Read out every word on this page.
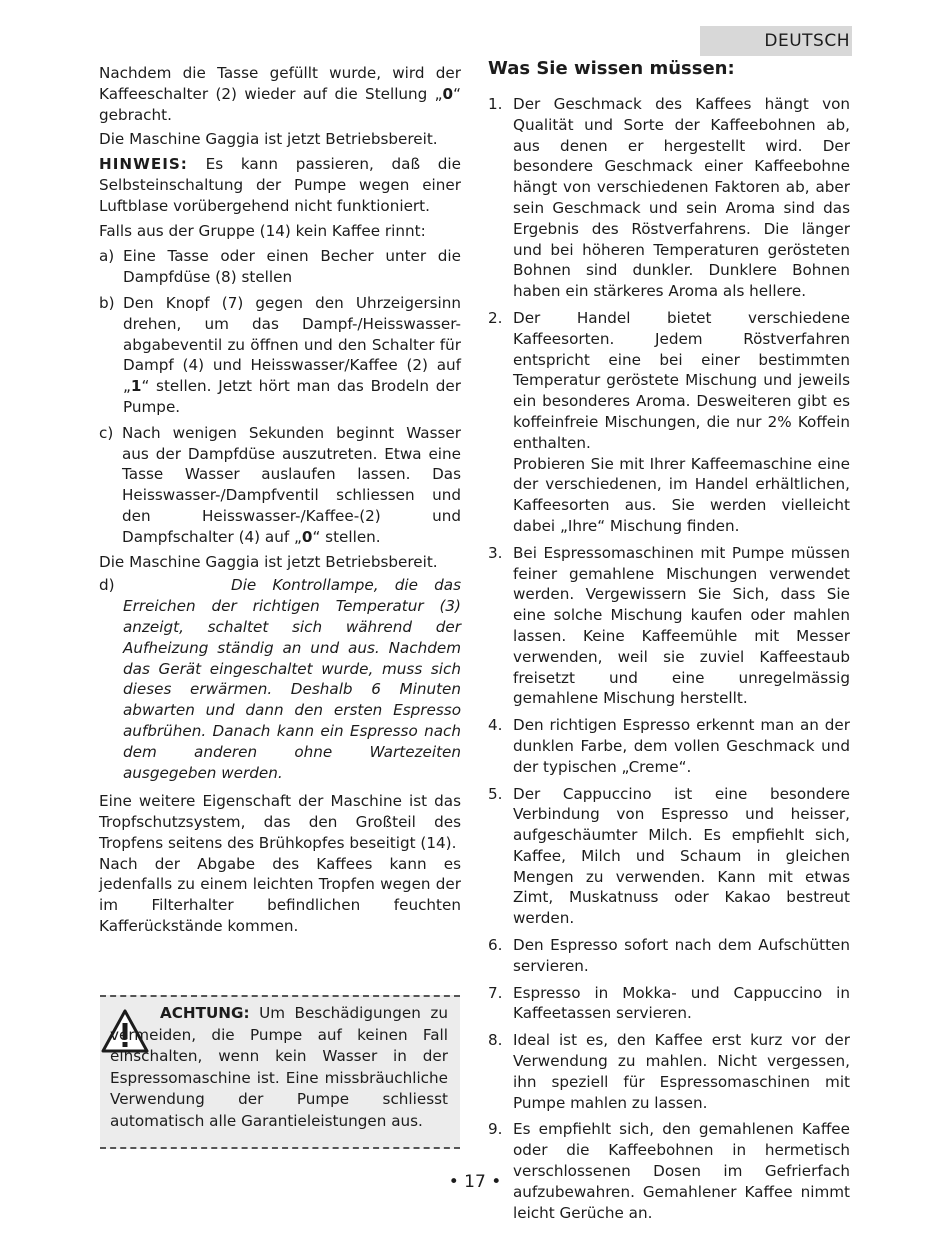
DEUTSCH

Nachdem die Tasse gefüllt wurde, wird der Kaffeeschalter (2) wieder auf die Stellung „0“ gebracht.

Die Maschine Gaggia ist jetzt Betriebsbereit.

HINWEIS: Es kann passieren, daß die Selbsteinschaltung der Pumpe wegen einer Luftblase vorübergehend nicht funktioniert.

Falls aus der Gruppe (14) kein Kaffee rinnt:

a) Eine Tasse oder einen Becher unter die Dampfdüse (8) stellen
b) Den Knopf (7) gegen den Uhrzeigersinn drehen, um das Dampf-/Heisswasser-abgabeventil zu öffnen und den Schalter für Dampf (4) und Heisswasser/Kaffee (2) auf „1“ stellen. Jetzt hört man das Brodeln der Pumpe.
c) Nach wenigen Sekunden beginnt Wasser aus der Dampfdüse auszutreten. Etwa eine Tasse Wasser auslaufen lassen. Das Heisswasser-/Dampfventil schliessen und den Heisswasser-/Kaffee-(2) und Dampfschalter (4) auf „0“ stellen.

Die Maschine Gaggia ist jetzt Betriebsbereit.

d)	Die Kontrollampe, die das Erreichen der richtigen Temperatur (3) anzeigt, schaltet sich während der Aufheizung ständig an und aus. Nachdem das Gerät eingeschaltet wurde, muss sich dieses erwärmen. Deshalb 6 Minuten abwarten und dann den ersten Espresso aufbrühen. Danach kann ein Espresso nach dem anderen ohne Wartezeiten ausgegeben werden.

Eine weitere Eigenschaft der Maschine ist das Tropfschutzsystem, das den Großteil des Tropfens seitens des Brühkopfes beseitigt (14).

Nach der Abgabe des Kaffees kann es jedenfalls zu einem leichten Tropfen wegen der im Filterhalter befindlichen feuchten Kafferückstände kommen.

ACHTUNG: Um Beschädigungen zu vermeiden, die Pumpe auf keinen Fall einschalten, wenn kein Wasser in der Espressomaschine ist. Eine missbräuchliche Verwendung der Pumpe schliesst automatisch alle Garantieleistungen aus.
Was Sie wissen müssen:
1. Der Geschmack des Kaffees hängt von Qualität und Sorte der Kaffeebohnen ab, aus denen er hergestellt wird. Der besondere Geschmack einer Kaffeebohne hängt von verschiedenen Faktoren ab, aber sein Geschmack und sein Aroma sind das Ergebnis des Röstverfahrens. Die länger und bei höheren Temperaturen gerösteten Bohnen sind dunkler. Dunklere Bohnen haben ein stärkeres Aroma als hellere.
2. Der Handel bietet verschiedene Kaffeesorten. Jedem Röstverfahren entspricht eine bei einer bestimmten Temperatur geröstete Mischung und jeweils ein besonderes Aroma. Desweiteren gibt es koffeinfreie Mischungen, die nur 2% Koffein enthalten.
Probieren Sie mit Ihrer Kaffeemaschine eine der verschiedenen, im Handel erhältlichen, Kaffeesorten aus. Sie werden vielleicht dabei „Ihre“ Mischung finden.
3. Bei Espressomaschinen mit Pumpe müssen feiner gemahlene Mischungen verwendet werden. Vergewissern Sie Sich, dass Sie eine solche Mischung kaufen oder mahlen lassen. Keine Kaffeemühle mit Messer verwenden, weil sie zuviel Kaffeestaub freisetzt und eine unregelmässig gemahlene Mischung herstellt.
4. Den richtigen Espresso erkennt man an der dunklen Farbe, dem vollen Geschmack und der typischen „Creme“.
5. Der Cappuccino ist eine besondere Verbindung von Espresso und heisser, aufgeschäumter Milch. Es empfiehlt sich, Kaffee, Milch und Schaum in gleichen Mengen zu verwenden. Kann mit etwas Zimt, Muskatnuss oder Kakao bestreut werden.
6. Den Espresso sofort nach dem Aufschütten servieren.
7. Espresso in Mokka- und Cappuccino in Kaffeetassen servieren.
8. Ideal ist es, den Kaffee erst kurz vor der Verwendung zu mahlen. Nicht vergessen, ihn speziell für Espressomaschinen mit Pumpe mahlen zu lassen.
9. Es empfiehlt sich, den gemahlenen Kaffee oder die Kaffeebohnen in hermetisch verschlossenen Dosen im Gefrierfach aufzubewahren. Gemahlener Kaffee nimmt leicht Gerüche an.
• 17 •
